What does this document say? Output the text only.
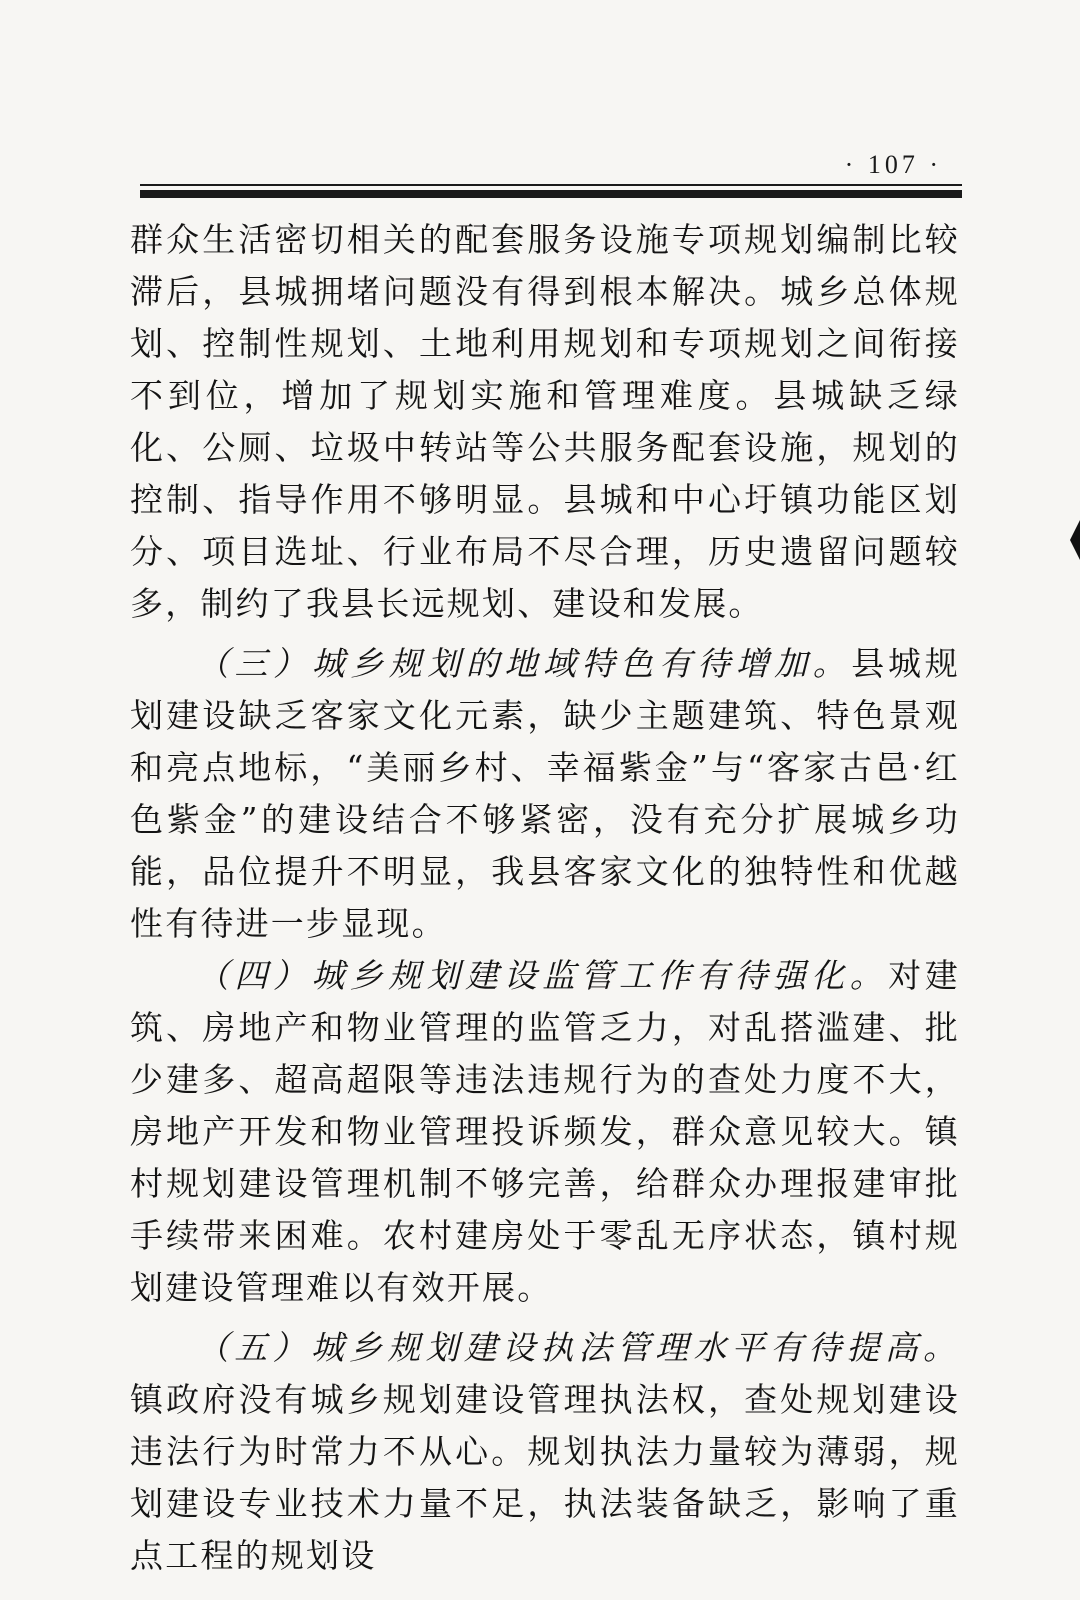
· 107 ·

群众生活密切相关的配套服务设施专项规划编制比较滞后，县城拥堵问题没有得到根本解决。城乡总体规划、控制性规划、土地利用规划和专项规划之间衔接不到位，增加了规划实施和管理难度。县城缺乏绿化、公厕、垃圾中转站等公共服务配套设施，规划的控制、指导作用不够明显。县城和中心圩镇功能区划分、项目选址、行业布局不尽合理，历史遗留问题较多，制约了我县长远规划、建设和发展。

（三）城乡规划的地域特色有待增加。县城规划建设缺乏客家文化元素，缺少主题建筑、特色景观和亮点地标，“美丽乡村、幸福紫金”与“客家古邑·红色紫金”的建设结合不够紧密，没有充分扩展城乡功能，品位提升不明显，我县客家文化的独特性和优越性有待进一步显现。

（四）城乡规划建设监管工作有待强化。对建筑、房地产和物业管理的监管乏力，对乱搭滥建、批少建多、超高超限等违法违规行为的查处力度不大，房地产开发和物业管理投诉频发，群众意见较大。镇村规划建设管理机制不够完善，给群众办理报建审批手续带来困难。农村建房处于零乱无序状态，镇村规划建设管理难以有效开展。

（五）城乡规划建设执法管理水平有待提高。镇政府没有城乡规划建设管理执法权，查处规划建设违法行为时常力不从心。规划执法力量较为薄弱，规划建设专业技术力量不足，执法装备缺乏，影响了重点工程的规划设
